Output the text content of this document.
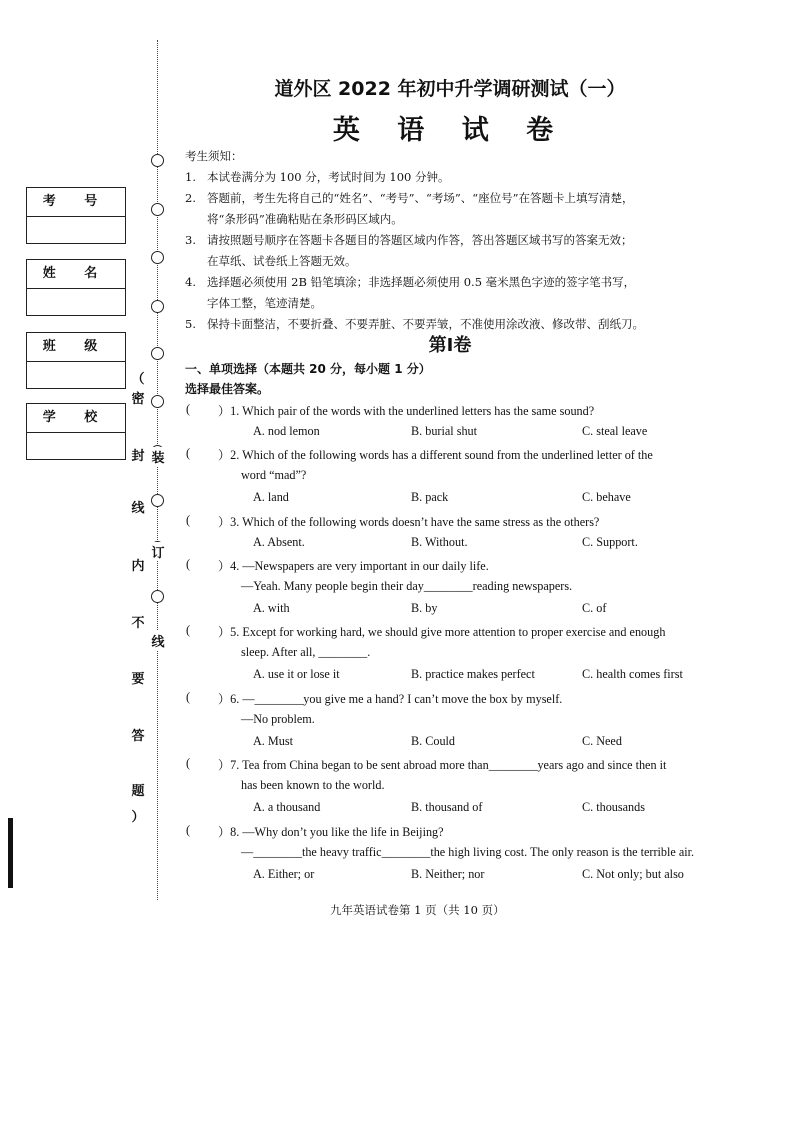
（
密
封
线
内
不
要
答
题
）
装
订
线
考 号
姓 名
班 级
学 校
道外区 2022 年初中升学调研测试（一）
英 语 试 卷
考生须知：
1. 本试卷满分为 100 分，考试时间为 100 分钟。
2. 答题前，考生先将自己的“姓名”、“考号”、“考场”、“座位号”在答题卡上填写清楚，
将“条形码”准确粘贴在条形码区域内。
3. 请按照题号顺序在答题卡各题目的答题区域内作答，答出答题区域书写的答案无效；
在草纸、试卷纸上答题无效。
4. 选择题必须使用 2B 铅笔填涂；非选择题必须使用 0.5 毫米黑色字迹的签字笔书写，
字体工整，笔迹清楚。
5. 保持卡面整洁，不要折叠、不要弄脏、不要弄皱，不准使用涂改液、修改带、刮纸刀。
第Ⅰ卷
一、单项选择（本题共 20 分，每小题 1 分）
选择最佳答案。
( ）1. Which pair of the words with the underlined letters has the same sound?
A. nod lemon	B. burial shut	C. steal leave
( ）2. Which of the following words has a different sound from the underlined letter of the
word “mad”?
A. land	B. pack	C. behave
( ）3. Which of the following words doesn’t have the same stress as the others?
A. Absent.	B. Without.	C. Support.
( ）4. —Newspapers are very important in our daily life.
—Yeah. Many people begin their day________reading newspapers.
A. with	B. by	C. of
( ）5. Except for working hard, we should give more attention to proper exercise and enough
sleep. After all, ________.
A. use it or lose it	B. practice makes perfect	C. health comes first
( ）6. —________you give me a hand? I can’t move the box by myself.
—No problem.
A. Must	B. Could	C. Need
( ）7. Tea from China began to be sent abroad more than________years ago and since then it
has been known to the world.
A. a thousand	B. thousand of	C. thousands
( ）8. —Why don’t you like the life in Beijing?
—________the heavy traffic________the high living cost. The only reason is the terrible air.
A. Either; or	B. Neither; nor	C. Not only; but also
九年英语试卷第 1 页（共 10 页）
